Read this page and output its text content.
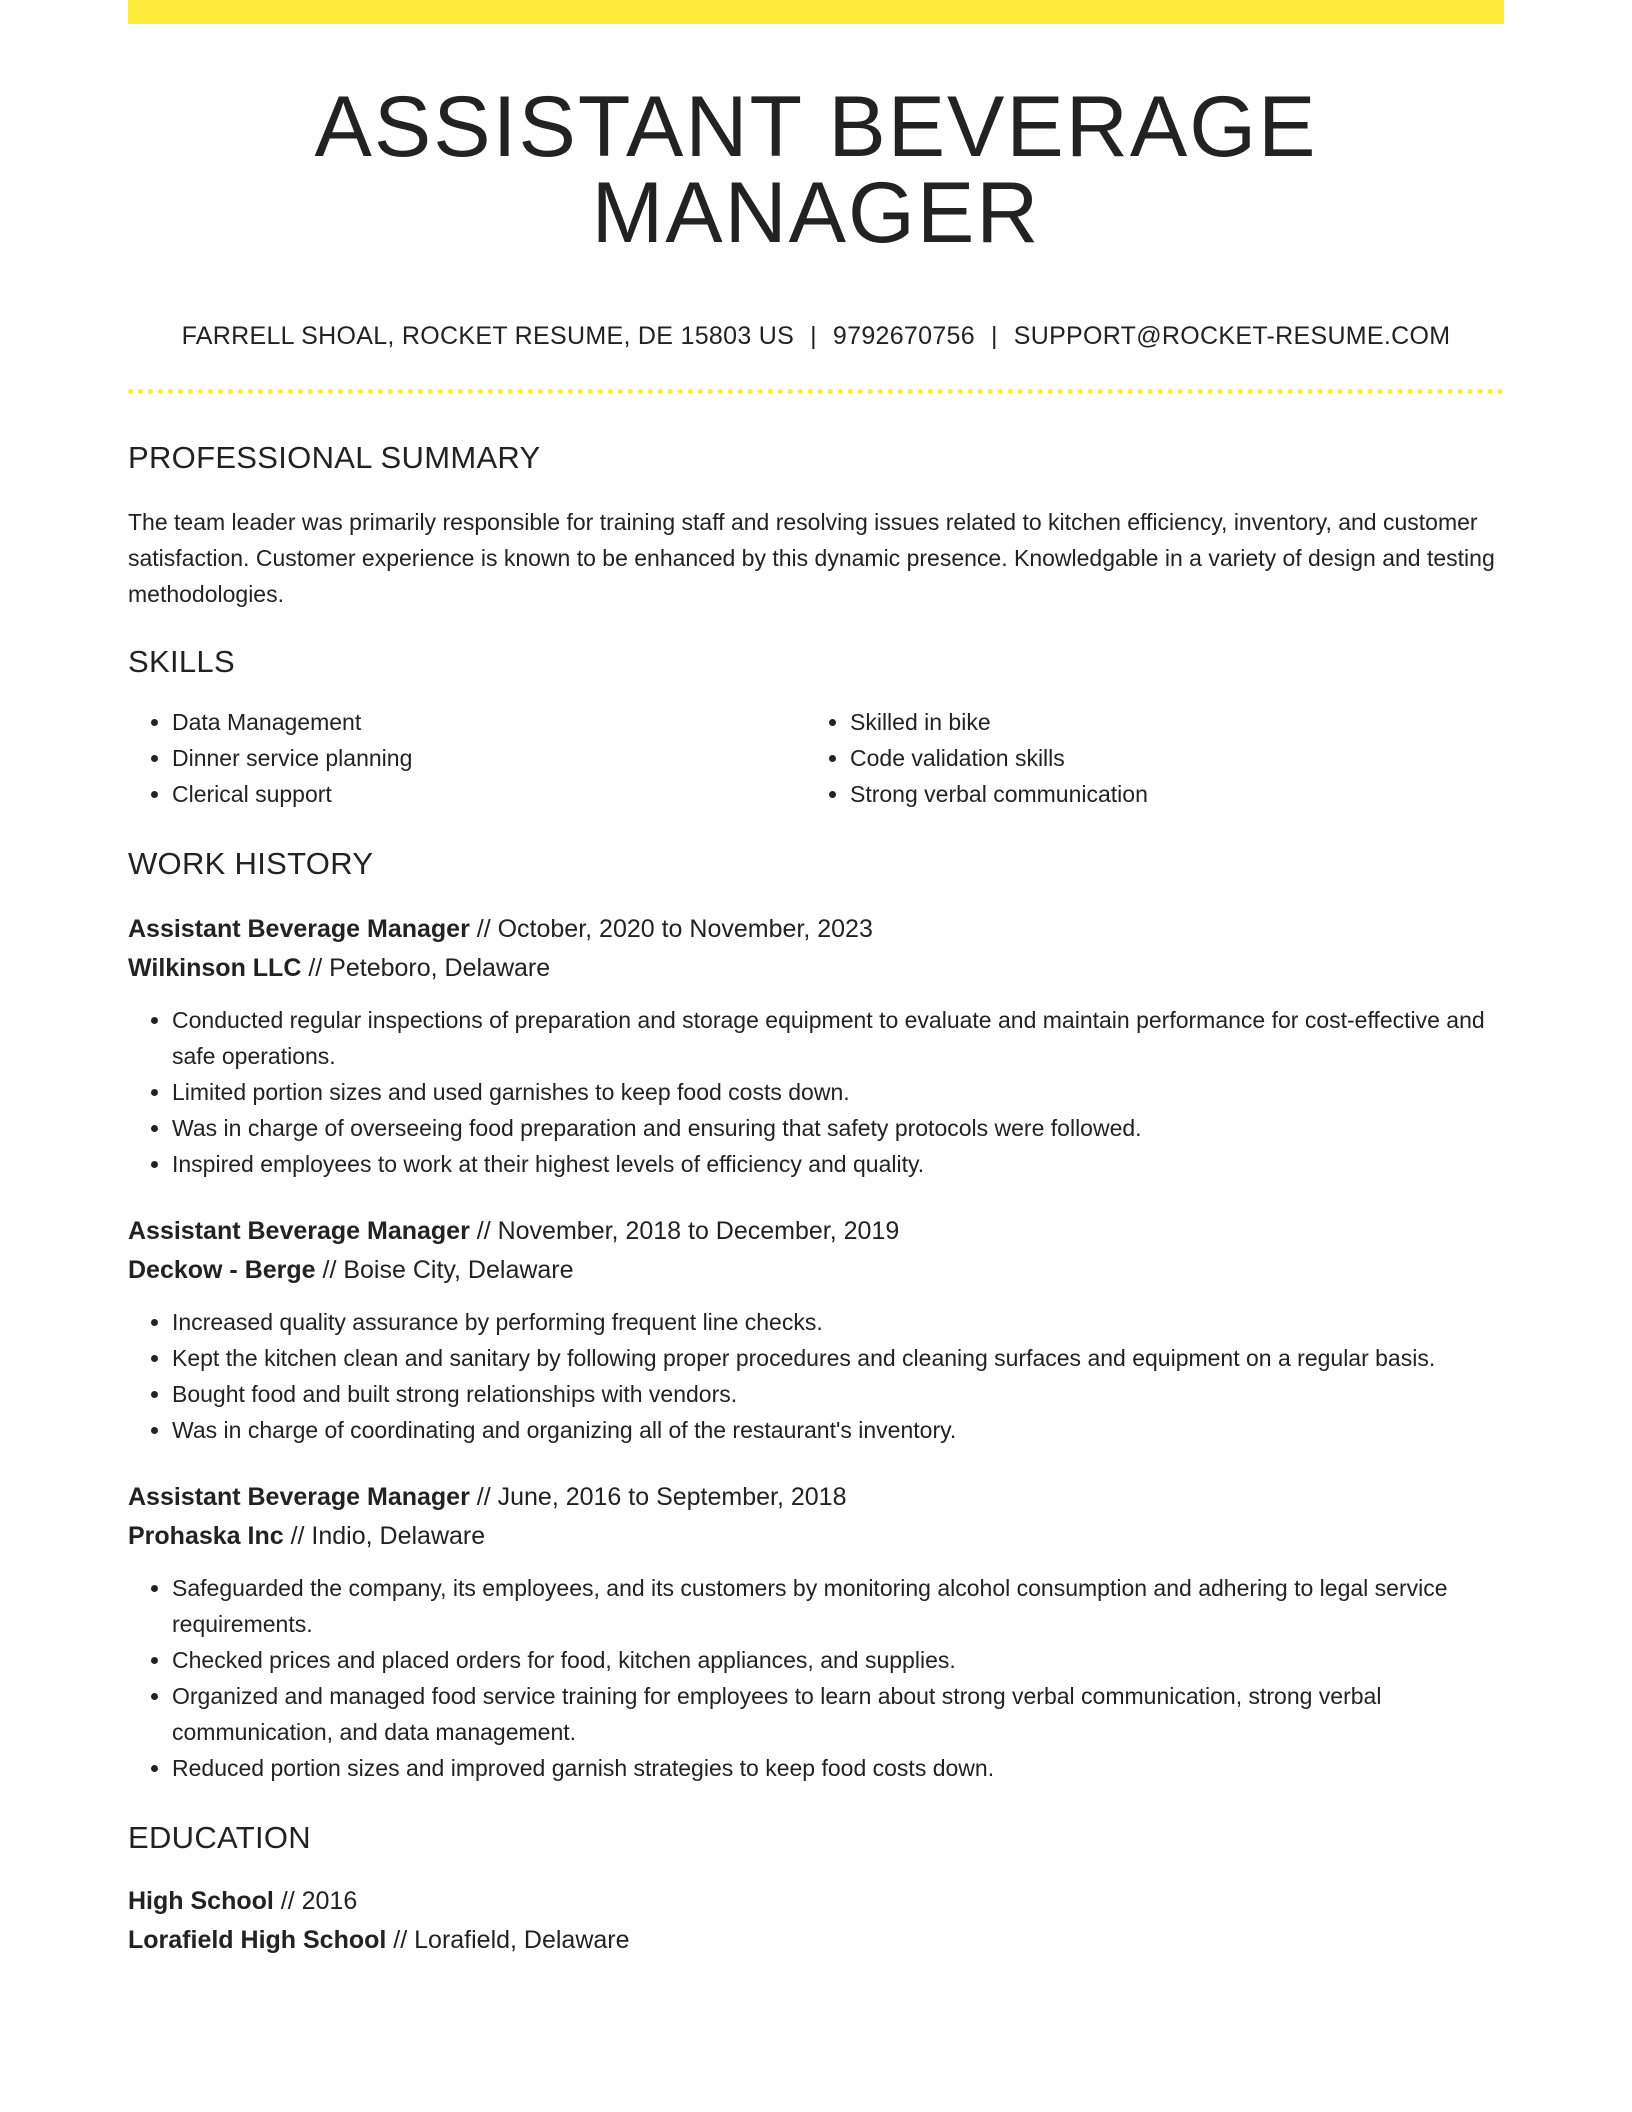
ASSISTANT BEVERAGE MANAGER
FARRELL SHOAL, ROCKET RESUME, DE 15803 US | 9792670756 | SUPPORT@ROCKET-RESUME.COM
PROFESSIONAL SUMMARY

The team leader was primarily responsible for training staff and resolving issues related to kitchen efficiency, inventory, and customer satisfaction. Customer experience is known to be enhanced by this dynamic presence. Knowledgable in a variety of design and testing methodologies.

SKILLS
• Data Management
• Dinner service planning
• Clerical support
• Skilled in bike
• Code validation skills
• Strong verbal communication
WORK HISTORY
Assistant Beverage Manager // October, 2020 to November, 2023
Wilkinson LLC // Peteboro, Delaware
• Conducted regular inspections of preparation and storage equipment to evaluate and maintain performance for cost-effective and safe operations.
• Limited portion sizes and used garnishes to keep food costs down.
• Was in charge of overseeing food preparation and ensuring that safety protocols were followed.
• Inspired employees to work at their highest levels of efficiency and quality.
Assistant Beverage Manager // November, 2018 to December, 2019
Deckow - Berge // Boise City, Delaware
• Increased quality assurance by performing frequent line checks.
• Kept the kitchen clean and sanitary by following proper procedures and cleaning surfaces and equipment on a regular basis.
• Bought food and built strong relationships with vendors.
• Was in charge of coordinating and organizing all of the restaurant's inventory.
Assistant Beverage Manager // June, 2016 to September, 2018
Prohaska Inc // Indio, Delaware
• Safeguarded the company, its employees, and its customers by monitoring alcohol consumption and adhering to legal service requirements.
• Checked prices and placed orders for food, kitchen appliances, and supplies.
• Organized and managed food service training for employees to learn about strong verbal communication, strong verbal communication, and data management.
• Reduced portion sizes and improved garnish strategies to keep food costs down.
EDUCATION
High School // 2016
Lorafield High School // Lorafield, Delaware
